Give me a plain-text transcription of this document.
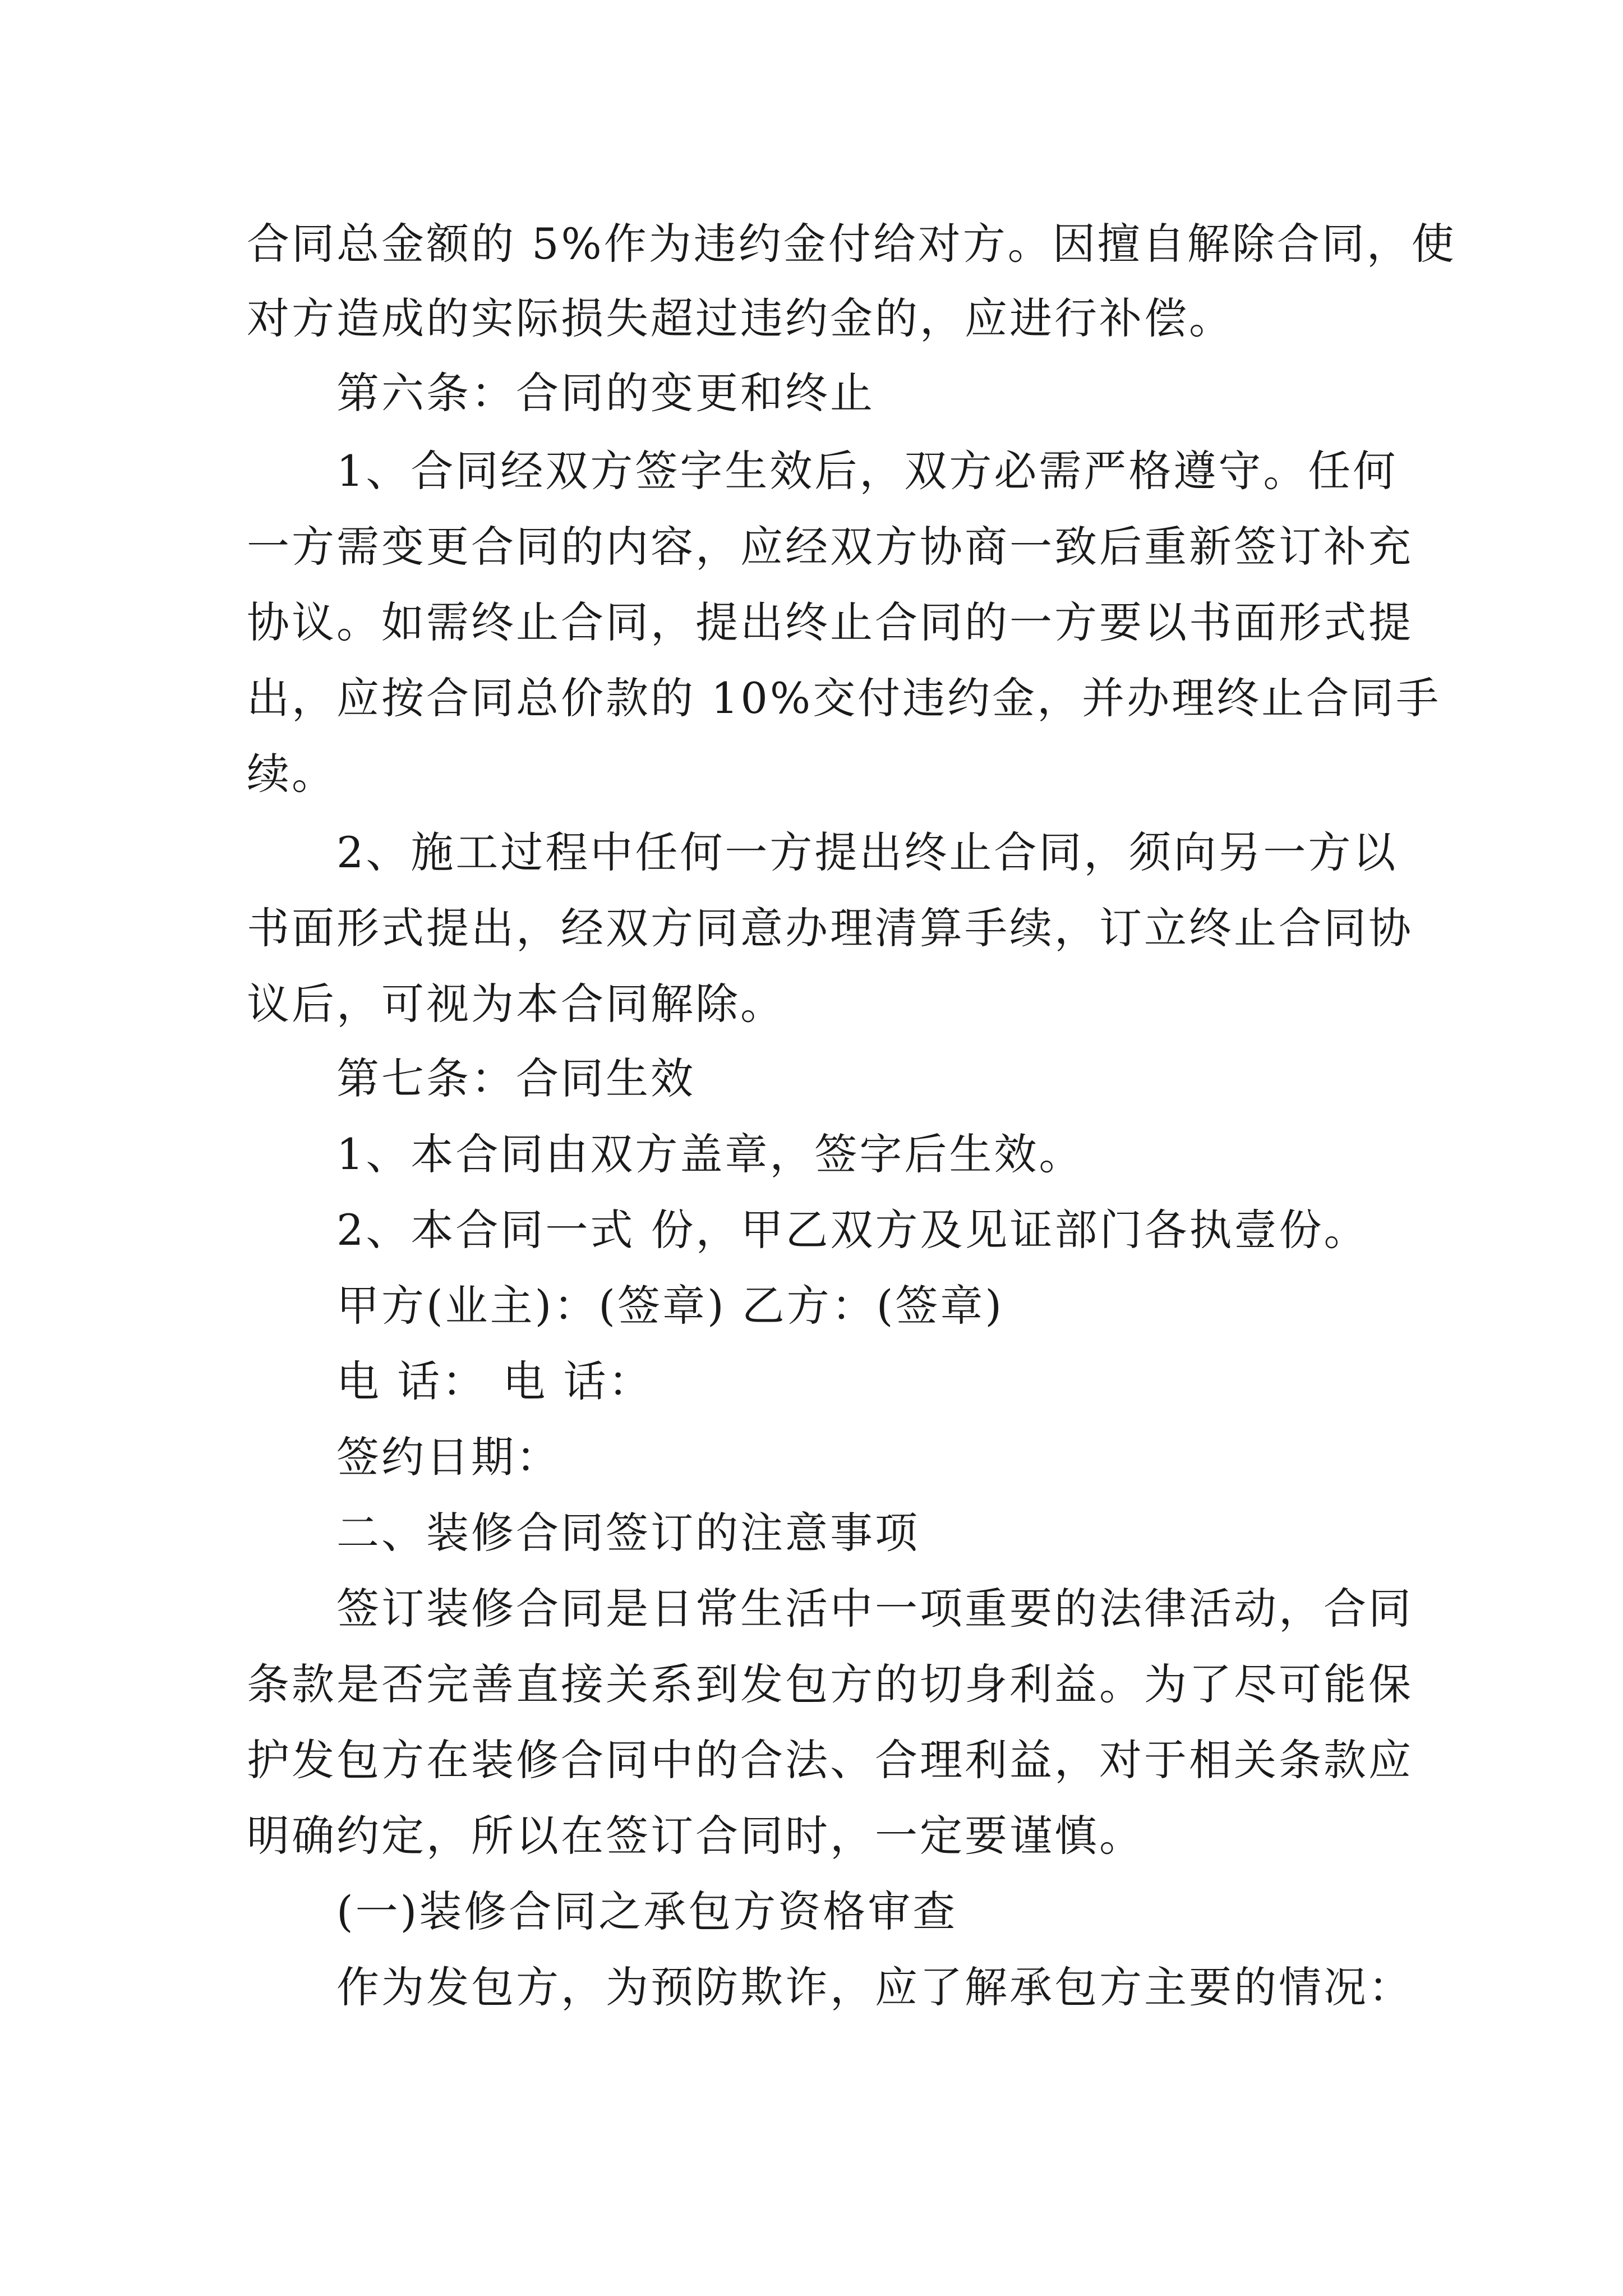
合同总金额的 5%作为违约金付给对方。因擅自解除合同，使
对方造成的实际损失超过违约金的，应进行补偿。
第六条：合同的变更和终止
1、合同经双方签字生效后，双方必需严格遵守。任何
一方需变更合同的内容，应经双方协商一致后重新签订补充
协议。如需终止合同，提出终止合同的一方要以书面形式提
出，应按合同总价款的 10%交付违约金，并办理终止合同手
续。
2、施工过程中任何一方提出终止合同，须向另一方以
书面形式提出，经双方同意办理清算手续，订立终止合同协
议后，可视为本合同解除。
第七条：合同生效
1、本合同由双方盖章，签字后生效。
2、本合同一式 份，甲乙双方及见证部门各执壹份。
甲方(业主)：(签章) 乙方：(签章)
电 话： 电 话：
签约日期：
二、装修合同签订的注意事项
签订装修合同是日常生活中一项重要的法律活动，合同
条款是否完善直接关系到发包方的切身利益。为了尽可能保
护发包方在装修合同中的合法、合理利益，对于相关条款应
明确约定，所以在签订合同时，一定要谨慎。
(一)装修合同之承包方资格审查
作为发包方，为预防欺诈，应了解承包方主要的情况：
